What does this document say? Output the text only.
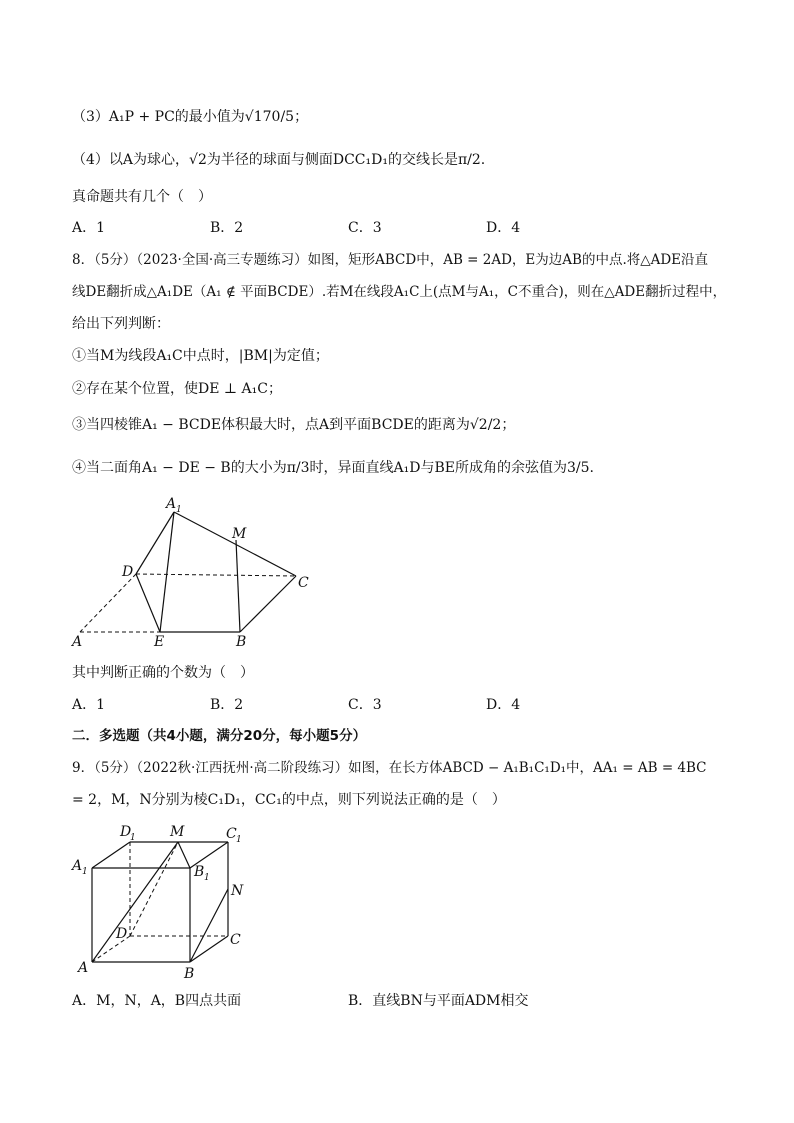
（3）A₁P + PC的最小值为√170/5；
（4）以A为球心，√2为半径的球面与侧面DCC₁D₁的交线长是π/2.
真命题共有几个（　）
A．1	B．2	C．3	D．4
8．（5分）（2023·全国·高三专题练习）如图，矩形ABCD中，AB = 2AD，E为边AB的中点.将△ADE沿直
线DE翻折成△A₁DE（A₁ ∉ 平面BCDE）.若M在线段A₁C上(点M与A₁，C不重合)，则在△ADE翻折过程中，
给出下列判断：
①当M为线段A₁C中点时，|BM|为定值；
②存在某个位置，使DE ⊥ A₁C；
③当四棱锥A₁ − BCDE体积最大时，点A到平面BCDE的距离为√2/2；
④当二面角A₁ − DE − B的大小为π/3时，异面直线A₁D与BE所成角的余弦值为3/5.
A 1
M
D
C
A	E	B
其中判断正确的个数为（　）
A．1	B．2	C．3	D．4
二．多选题（共4小题，满分20分，每小题5分）
9．（5分）（2022秋·江西抚州·高二阶段练习）如图，在长方体ABCD − A₁B₁C₁D₁中，AA₁ = AB = 4BC
= 2，M，N分别为棱C₁D₁，CC₁的中点，则下列说法正确的是（　）
D
1 M	C 1
A 1	B 1
N
D	C
A	B
A．M，N，A，B四点共面	B．直线BN与平面ADM相交
